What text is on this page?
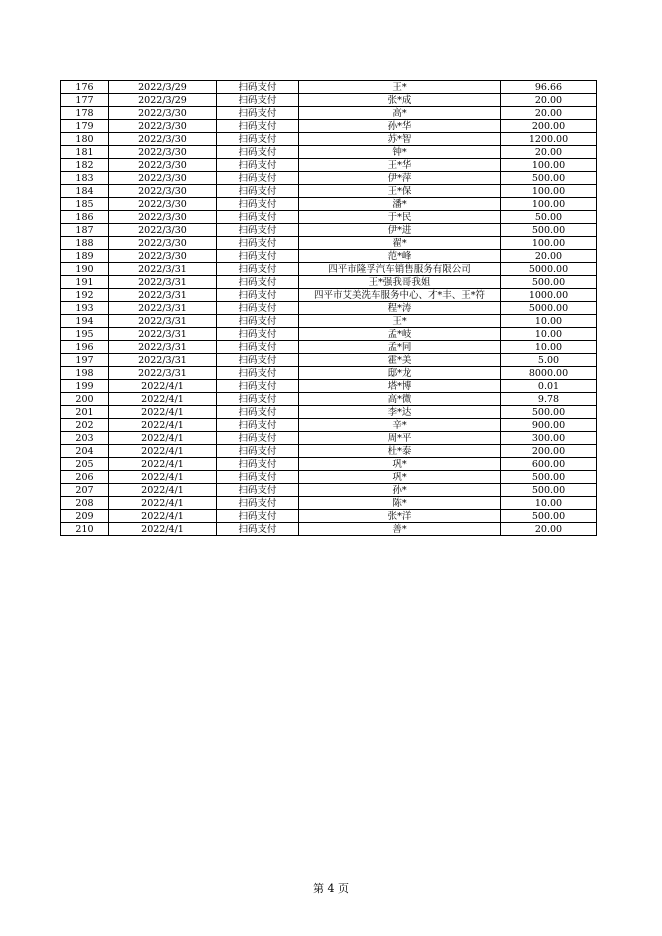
176	2022/3/29	扫码支付	王*	96.66
177	2022/3/29	扫码支付	张*成	20.00
178	2022/3/30	扫码支付	高*	20.00
179	2022/3/30	扫码支付	孙*华	200.00
180	2022/3/30	扫码支付	苏*智	1200.00
181	2022/3/30	扫码支付	钟*	20.00
182	2022/3/30	扫码支付	王*华	100.00
183	2022/3/30	扫码支付	伊*萍	500.00
184	2022/3/30	扫码支付	王*保	100.00
185	2022/3/30	扫码支付	潘*	100.00
186	2022/3/30	扫码支付	于*民	50.00
187	2022/3/30	扫码支付	伊*进	500.00
188	2022/3/30	扫码支付	翟*	100.00
189	2022/3/30	扫码支付	范*峰	20.00
190	2022/3/31	扫码支付	四平市隆孚汽车销售服务有限公司	5000.00
191	2022/3/31	扫码支付	王*强我哥我姐	500.00
192	2022/3/31	扫码支付	四平市艾美洗车服务中心、才*丰、王*符	1000.00
193	2022/3/31	扫码支付	程*涛	5000.00
194	2022/3/31	扫码支付	王*	10.00
195	2022/3/31	扫码支付	孟*岐	10.00
196	2022/3/31	扫码支付	孟*同	10.00
197	2022/3/31	扫码支付	霍*美	5.00
198	2022/3/31	扫码支付	邸*龙	8000.00
199	2022/4/1	扫码支付	塔*博	0.01
200	2022/4/1	扫码支付	高*微	9.78
201	2022/4/1	扫码支付	李*达	500.00
202	2022/4/1	扫码支付	辛*	900.00
203	2022/4/1	扫码支付	周*平	300.00
204	2022/4/1	扫码支付	杜*泰	200.00
205	2022/4/1	扫码支付	巩*	600.00
206	2022/4/1	扫码支付	巩*	500.00
207	2022/4/1	扫码支付	孙*	500.00
208	2022/4/1	扫码支付	陈*	10.00
209	2022/4/1	扫码支付	张*洋	500.00
210	2022/4/1	扫码支付	善*	20.00
第 4 页
